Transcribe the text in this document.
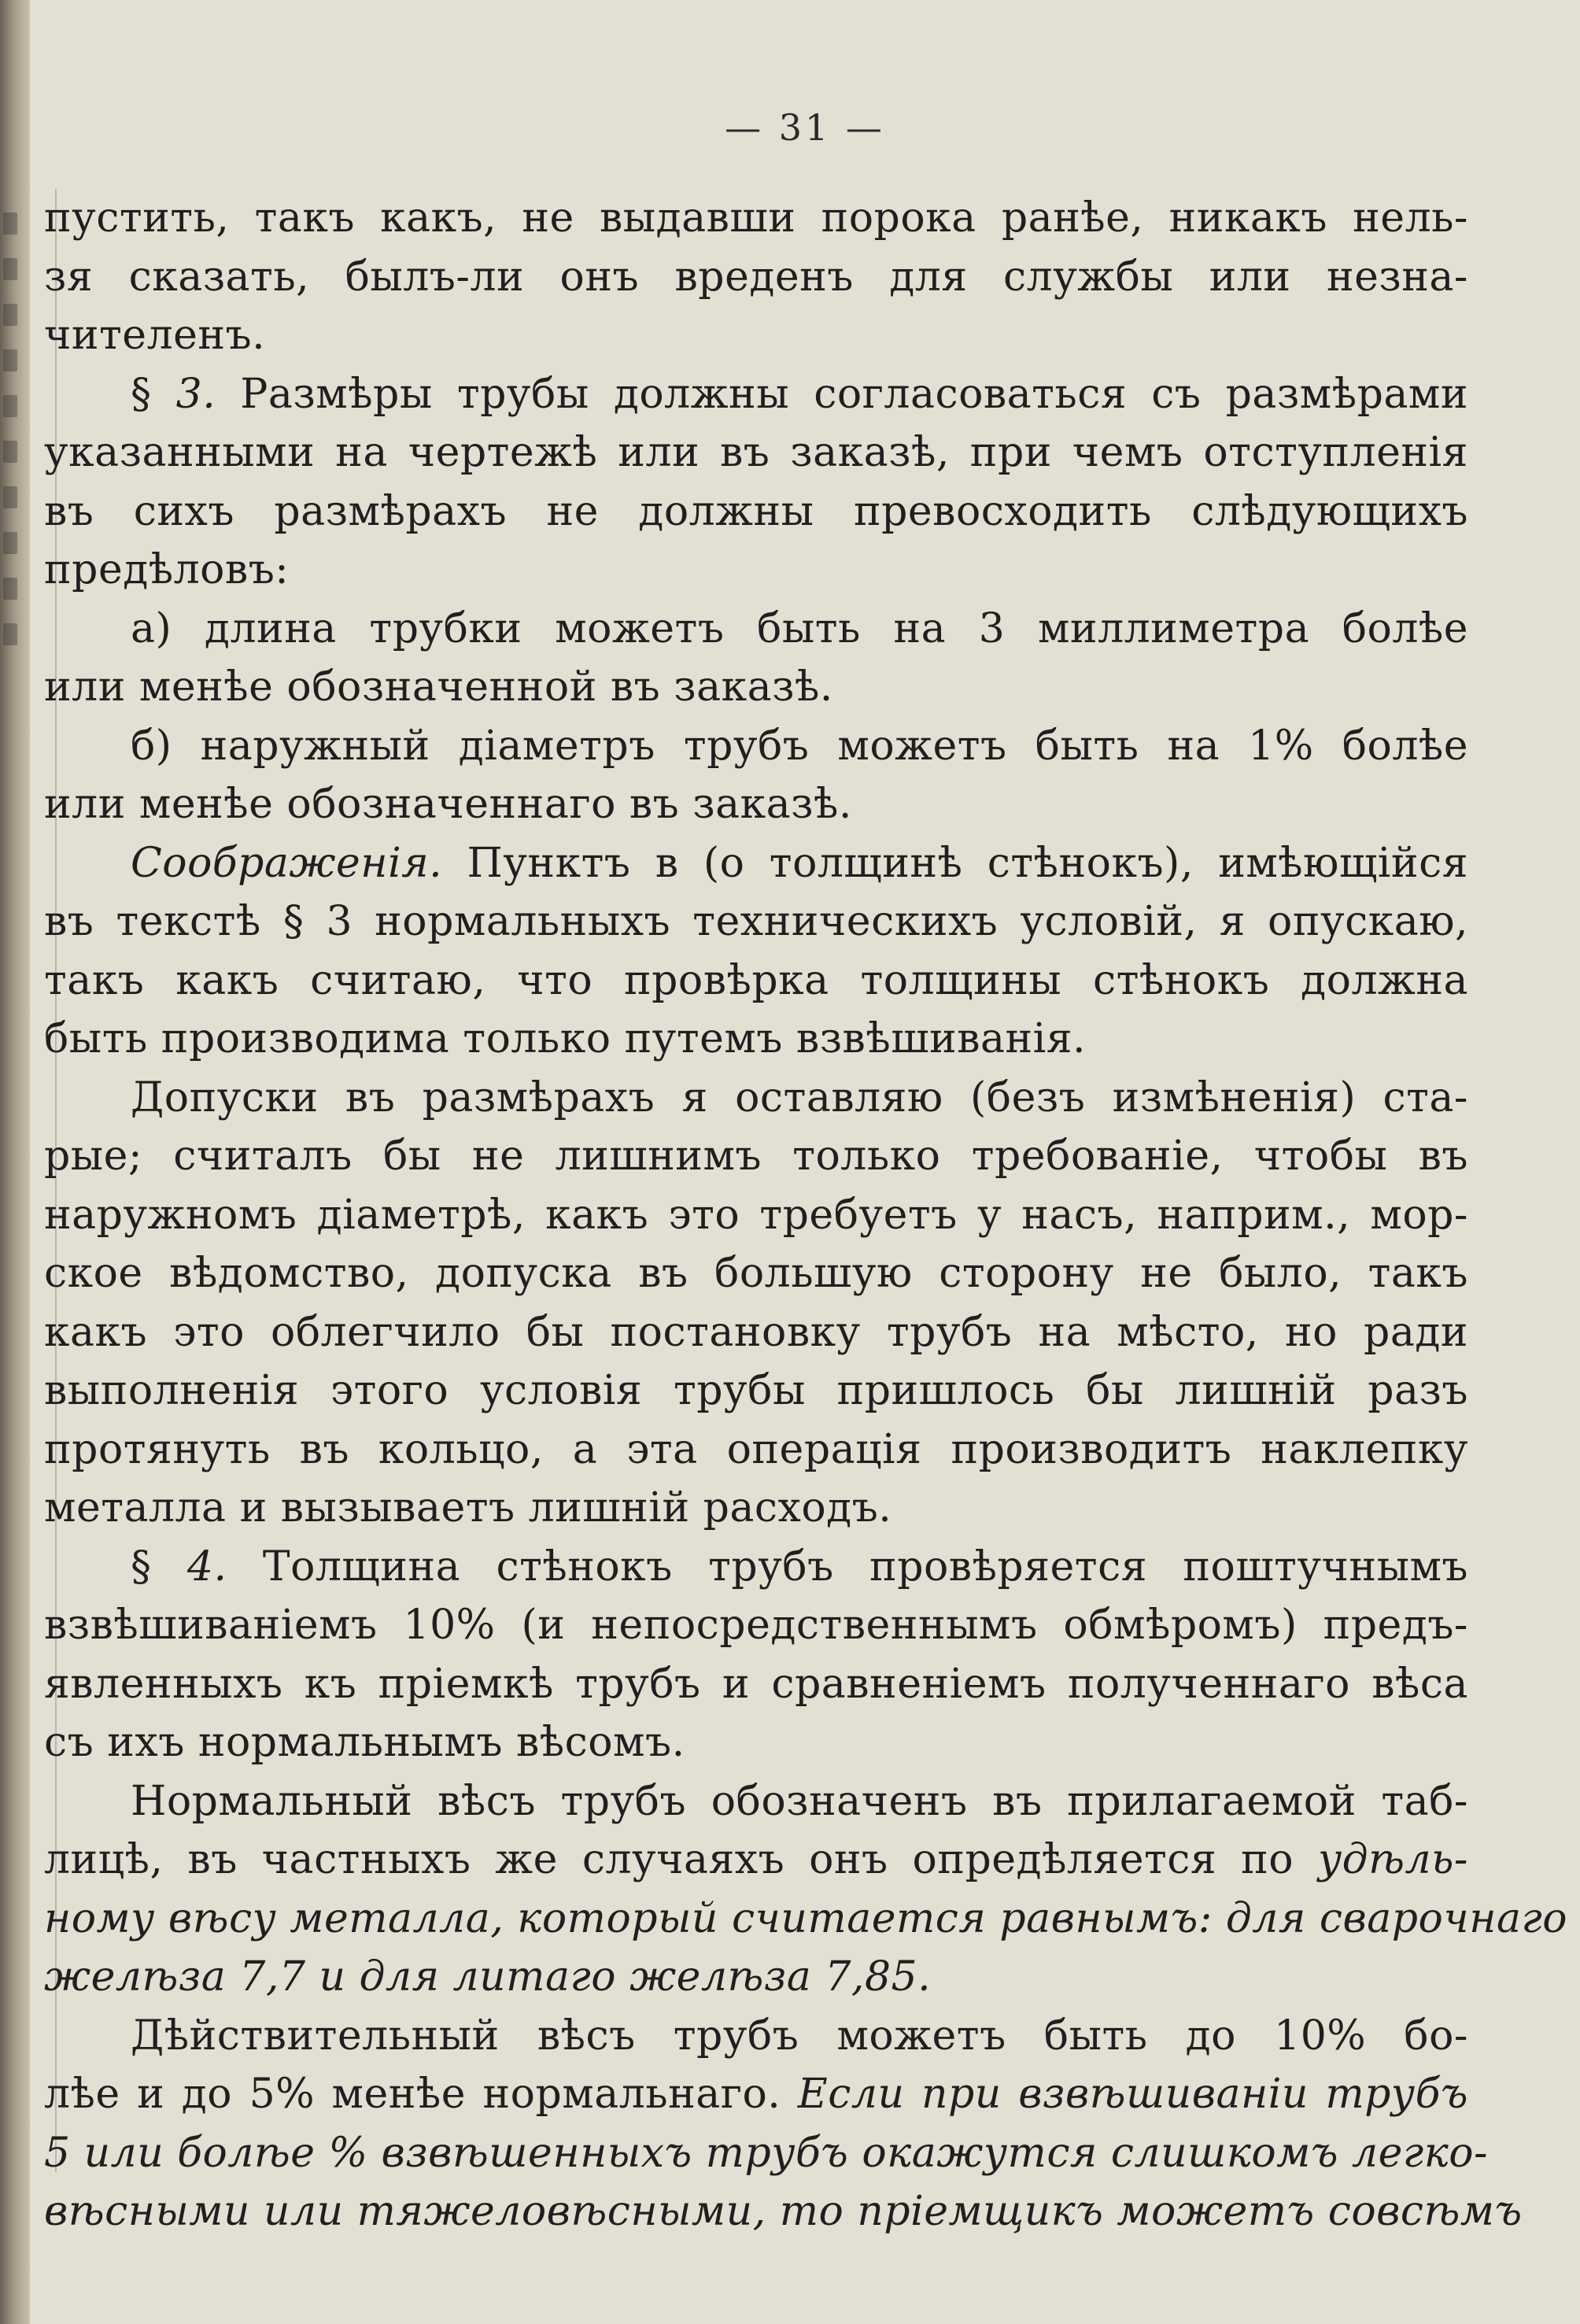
— 31 —
пустить, такъ какъ, не выдавши порока ранѣе, никакъ нель-
зя сказать, былъ-ли онъ вреденъ для службы или незна-
чителенъ.
§ 3. Размѣры трубы должны согласоваться съ размѣрами
указанными на чертежѣ или въ заказѣ, при чемъ отступленія
въ сихъ размѣрахъ не должны превосходить слѣдующихъ
предѣловъ:
а) длина трубки можетъ быть на 3 миллиметра болѣе
или менѣе обозначенной въ заказѣ.
б) наружный діаметръ трубъ можетъ быть на 1% болѣе
или менѣе обозначеннаго въ заказѣ.
Соображенія. Пунктъ в (о толщинѣ стѣнокъ), имѣющійся
въ текстѣ § 3 нормальныхъ техническихъ условій, я опускаю,
такъ какъ считаю, что провѣрка толщины стѣнокъ должна
быть производима только путемъ взвѣшиванія.
Допуски въ размѣрахъ я оставляю (безъ измѣненія) ста-
рые; считалъ бы не лишнимъ только требованіе, чтобы въ
наружномъ діаметрѣ, какъ это требуетъ у насъ, наприм., мор-
ское вѣдомство, допуска въ большую сторону не было, такъ
какъ это облегчило бы постановку трубъ на мѣсто, но ради
выполненія этого условія трубы пришлось бы лишній разъ
протянуть въ кольцо, а эта операція производитъ наклепку
металла и вызываетъ лишній расходъ.
§ 4. Толщина стѣнокъ трубъ провѣряется поштучнымъ
взвѣшиваніемъ 10% (и непосредственнымъ обмѣромъ) предъ-
явленныхъ къ пріемкѣ трубъ и сравненіемъ полученнаго вѣса
съ ихъ нормальнымъ вѣсомъ.
Нормальный вѣсъ трубъ обозначенъ въ прилагаемой таб-
лицѣ, въ частныхъ же случаяхъ онъ опредѣляется по удѣль-
ному вѣсу металла, который считается равнымъ: для сварочнаго
желѣза 7,7 и для литаго желѣза 7,85.
Дѣйствительный вѣсъ трубъ можетъ быть до 10% бо-
лѣе и до 5% менѣе нормальнаго. Если при взвѣшиваніи трубъ
5 или болѣе % взвѣшенныхъ трубъ окажутся слишкомъ легко-
вѣсными или тяжеловѣсными, то пріемщикъ можетъ совсѣмъ
